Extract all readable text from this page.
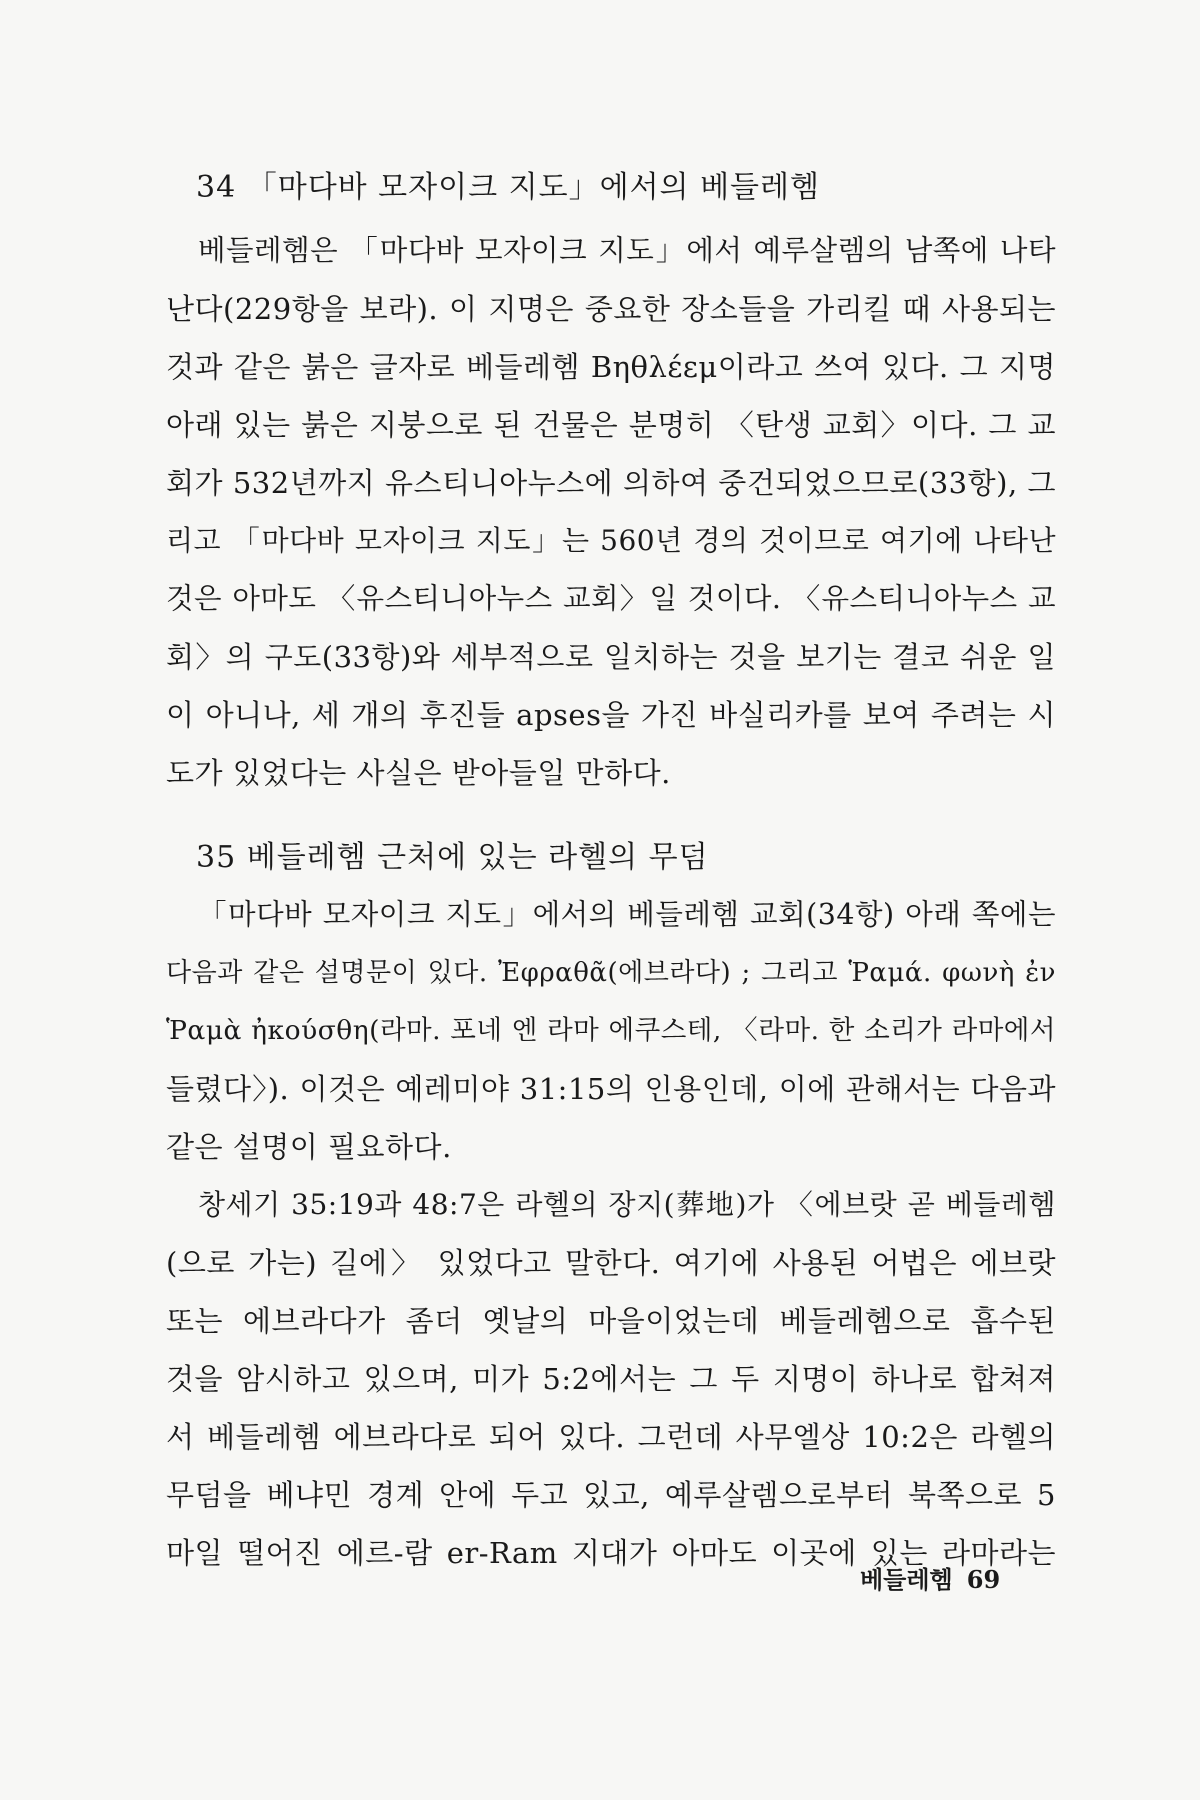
34 「마다바 모자이크 지도」에서의 베들레헴
베들레헴은 「마다바 모자이크 지도」에서 예루살렘의 남쪽에 나타
난다(229항을 보라). 이 지명은 중요한 장소들을 가리킬 때 사용되는
것과 같은 붉은 글자로 베들레헴 Βηθλέεμ이라고 쓰여 있다. 그 지명
아래 있는 붉은 지붕으로 된 건물은 분명히 〈탄생 교회〉이다. 그 교
회가 532년까지 유스티니아누스에 의하여 중건되었으므로(33항), 그
리고 「마다바 모자이크 지도」는 560년 경의 것이므로 여기에 나타난
것은 아마도 〈유스티니아누스 교회〉일 것이다. 〈유스티니아누스 교
회〉의 구도(33항)와 세부적으로 일치하는 것을 보기는 결코 쉬운 일
이 아니나, 세 개의 후진들 apses을 가진 바실리카를 보여 주려는 시
도가 있었다는 사실은 받아들일 만하다.
35 베들레헴 근처에 있는 라헬의 무덤
「마다바 모자이크 지도」에서의 베들레헴 교회(34항) 아래 쪽에는
다음과 같은 설명문이 있다. Ἐφραθᾶ(에브라다) ; 그리고 Ῥαμά. φωνὴ ἐν
Ῥαμὰ ἠκούσθη(라마. 포네 엔 라마 에쿠스테, 〈라마. 한 소리가 라마에서
들렸다〉). 이것은 예레미야 31:15의 인용인데, 이에 관해서는 다음과
같은 설명이 필요하다.
창세기 35:19과 48:7은 라헬의 장지(葬地)가 〈에브랏 곧 베들레헴
(으로 가는) 길에〉 있었다고 말한다. 여기에 사용된 어법은 에브랏
또는 에브라다가 좀더 옛날의 마을이었는데 베들레헴으로 흡수된
것을 암시하고 있으며, 미가 5:2에서는 그 두 지명이 하나로 합쳐져
서 베들레헴 에브라다로 되어 있다. 그런데 사무엘상 10:2은 라헬의
무덤을 베냐민 경계 안에 두고 있고, 예루살렘으로부터 북쪽으로 5
마일 떨어진 에르-람 er-Ram 지대가 아마도 이곳에 있는 라마라는
베들레헴 69
